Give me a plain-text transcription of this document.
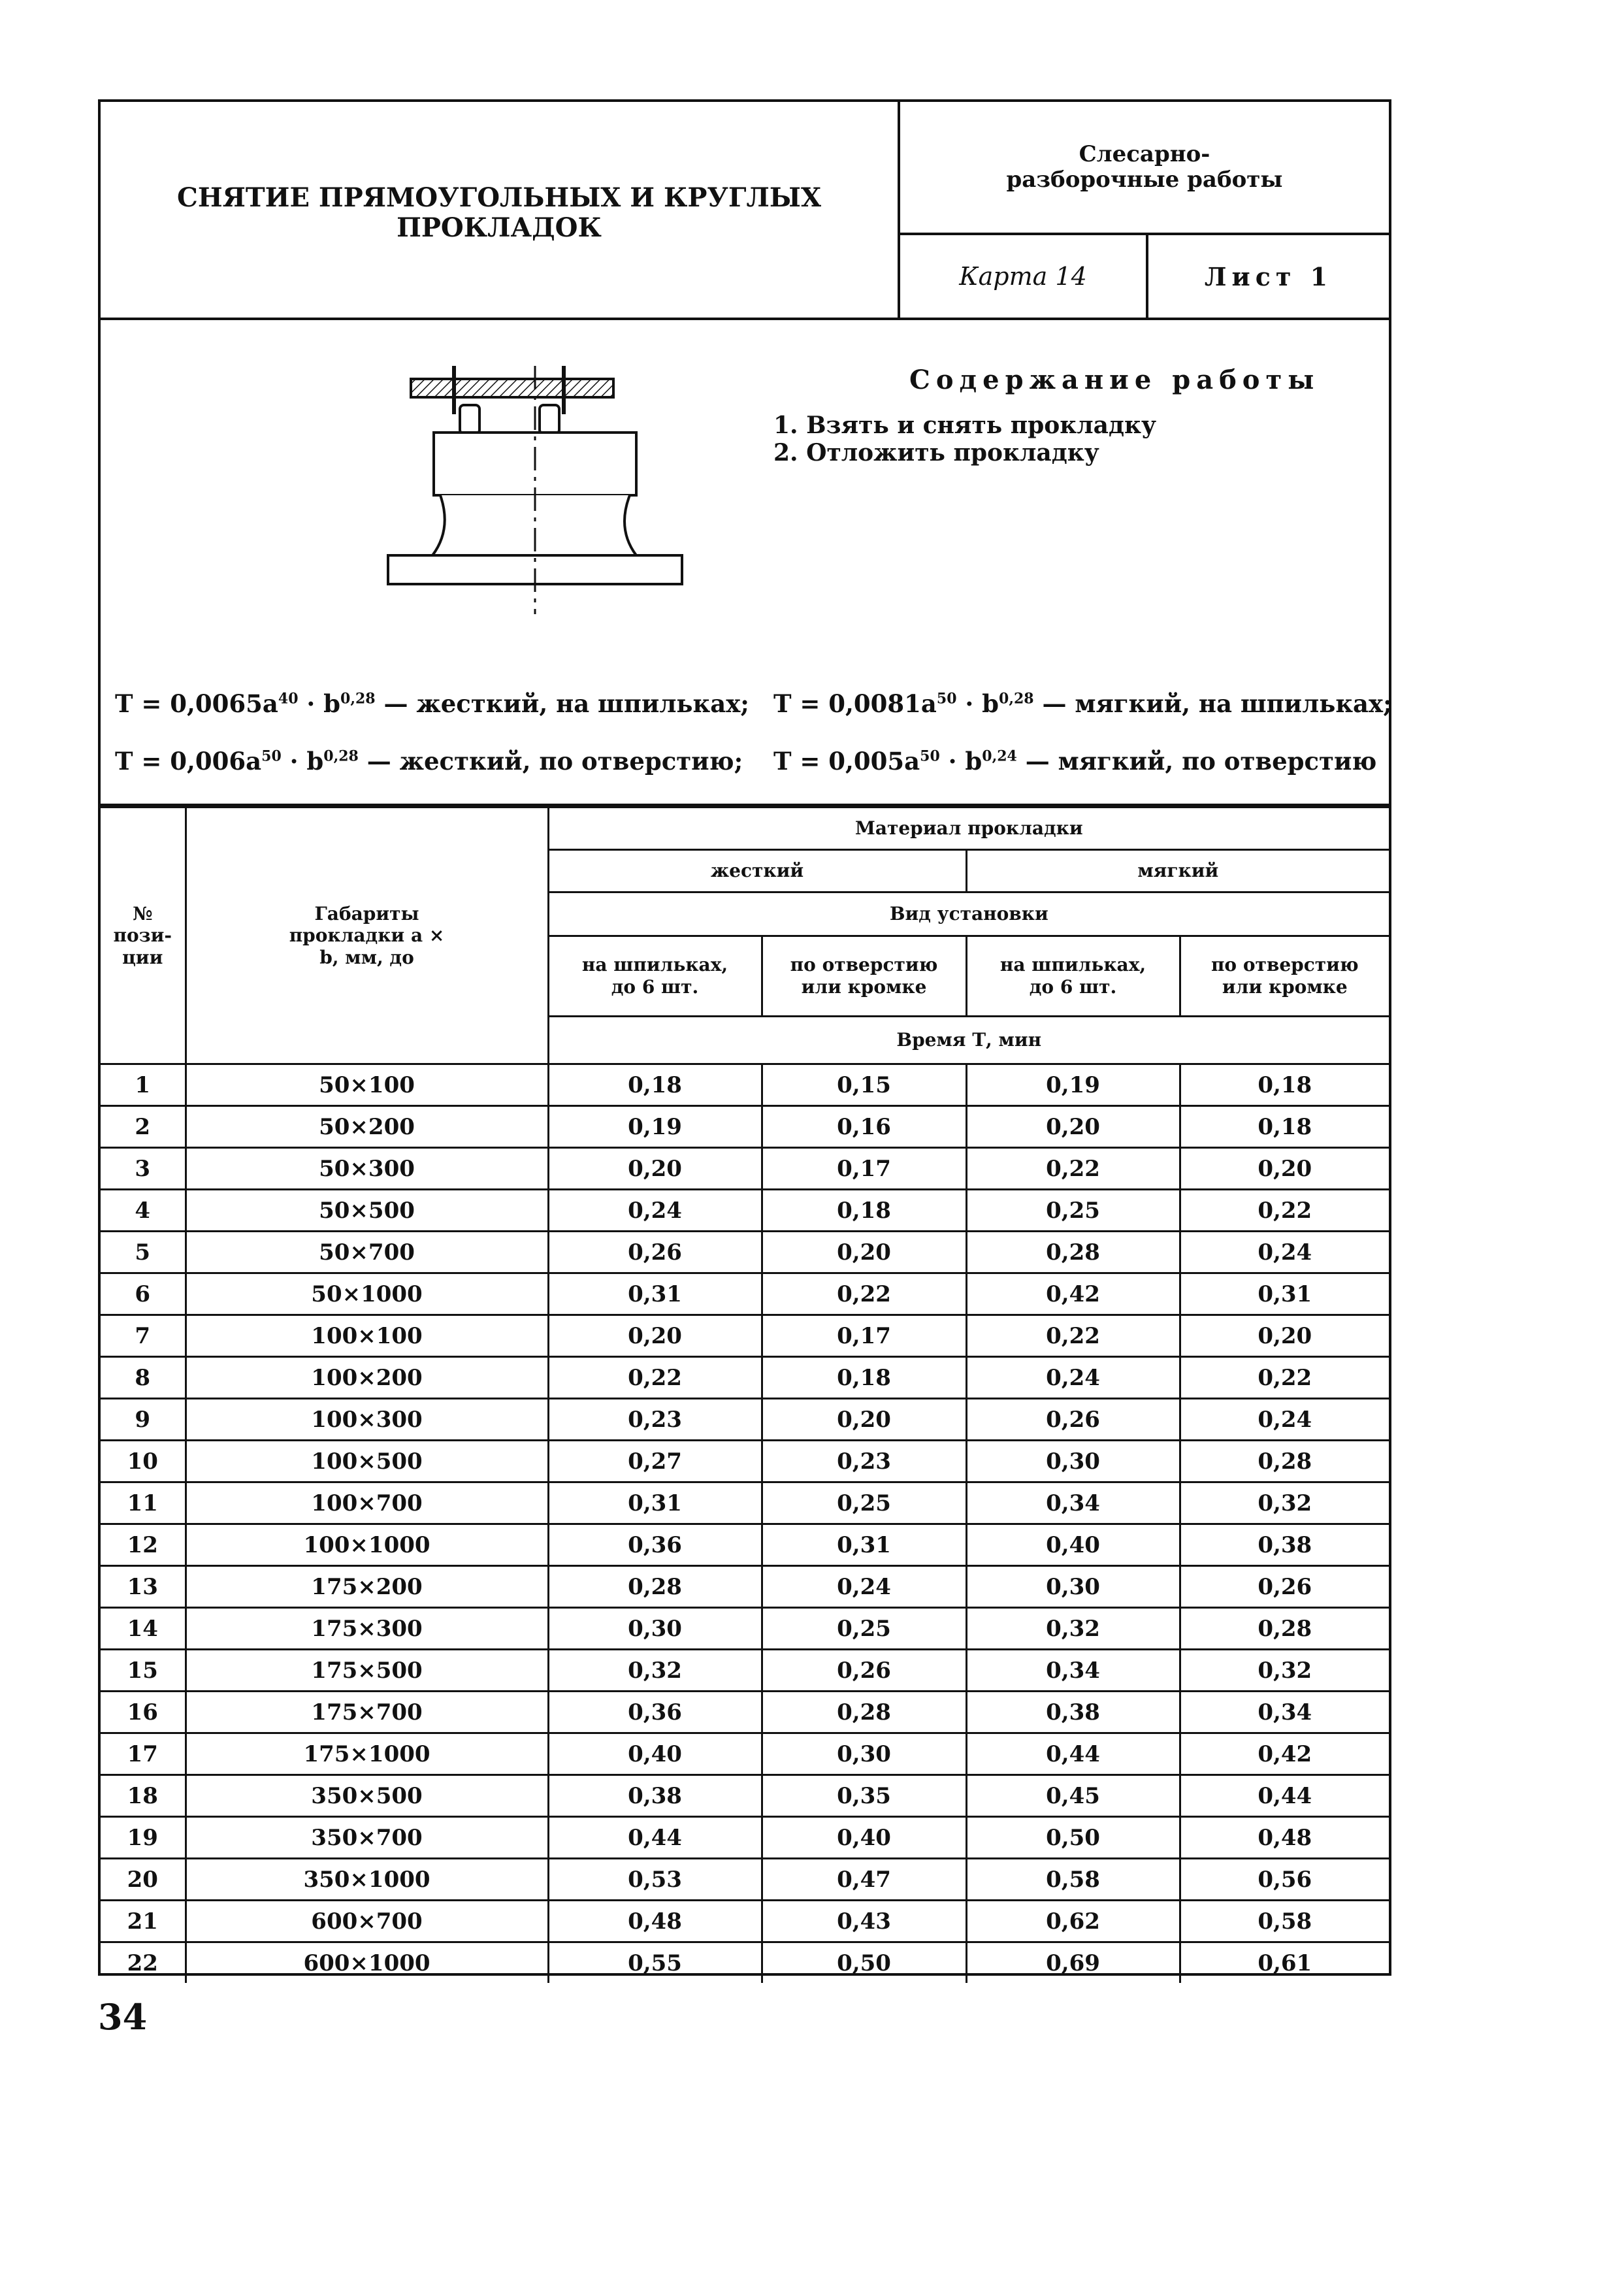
СНЯТИЕ ПРЯМОУГОЛЬНЫХ И КРУГЛЫХ ПРОКЛАДОК
Слесарно-разборочные работы
Карта 14	Лист 1
Содержание работы
1. Взять и снять прокладку
2. Отложить прокладку
$T = 0,0065a^{40} \cdot b^{0,28}$ — жесткий, на шпильках; $T = 0,0081a^{50} \cdot b^{0,28}$ — мягкий, на шпильках;
$T = 0,006a^{50} \cdot b^{0,28}$ — жесткий, по отверстию; $T = 0,005a^{50} \cdot b^{0,24}$ — мягкий, по отверстию
№ пози- ции	Габариты прокладки a × b, мм, до	Материал прокладки			
		жесткий		мягкий	
		Вид установки			
		на шпильках, до 6 шт.	по отверстию или кромке	на шпильках, до 6 шт.	по отверстию или кромке
		Время Т, мин			
1	50×100	0,18	0,15	0,19	0,18
2	50×200	0,19	0,16	0,20	0,18
3	50×300	0,20	0,17	0,22	0,20
4	50×500	0,24	0,18	0,25	0,22
5	50×700	0,26	0,20	0,28	0,24
6	50×1000	0,31	0,22	0,42	0,31
7	100×100	0,20	0,17	0,22	0,20
8	100×200	0,22	0,18	0,24	0,22
9	100×300	0,23	0,20	0,26	0,24
10	100×500	0,27	0,23	0,30	0,28
11	100×700	0,31	0,25	0,34	0,32
12	100×1000	0,36	0,31	0,40	0,38
13	175×200	0,28	0,24	0,30	0,26
14	175×300	0,30	0,25	0,32	0,28
15	175×500	0,32	0,26	0,34	0,32
16	175×700	0,36	0,28	0,38	0,34
17	175×1000	0,40	0,30	0,44	0,42
18	350×500	0,38	0,35	0,45	0,44
19	350×700	0,44	0,40	0,50	0,48
20	350×1000	0,53	0,47	0,58	0,56
21	600×700	0,48	0,43	0,62	0,58
22	600×1000	0,55	0,50	0,69	0,61
34
